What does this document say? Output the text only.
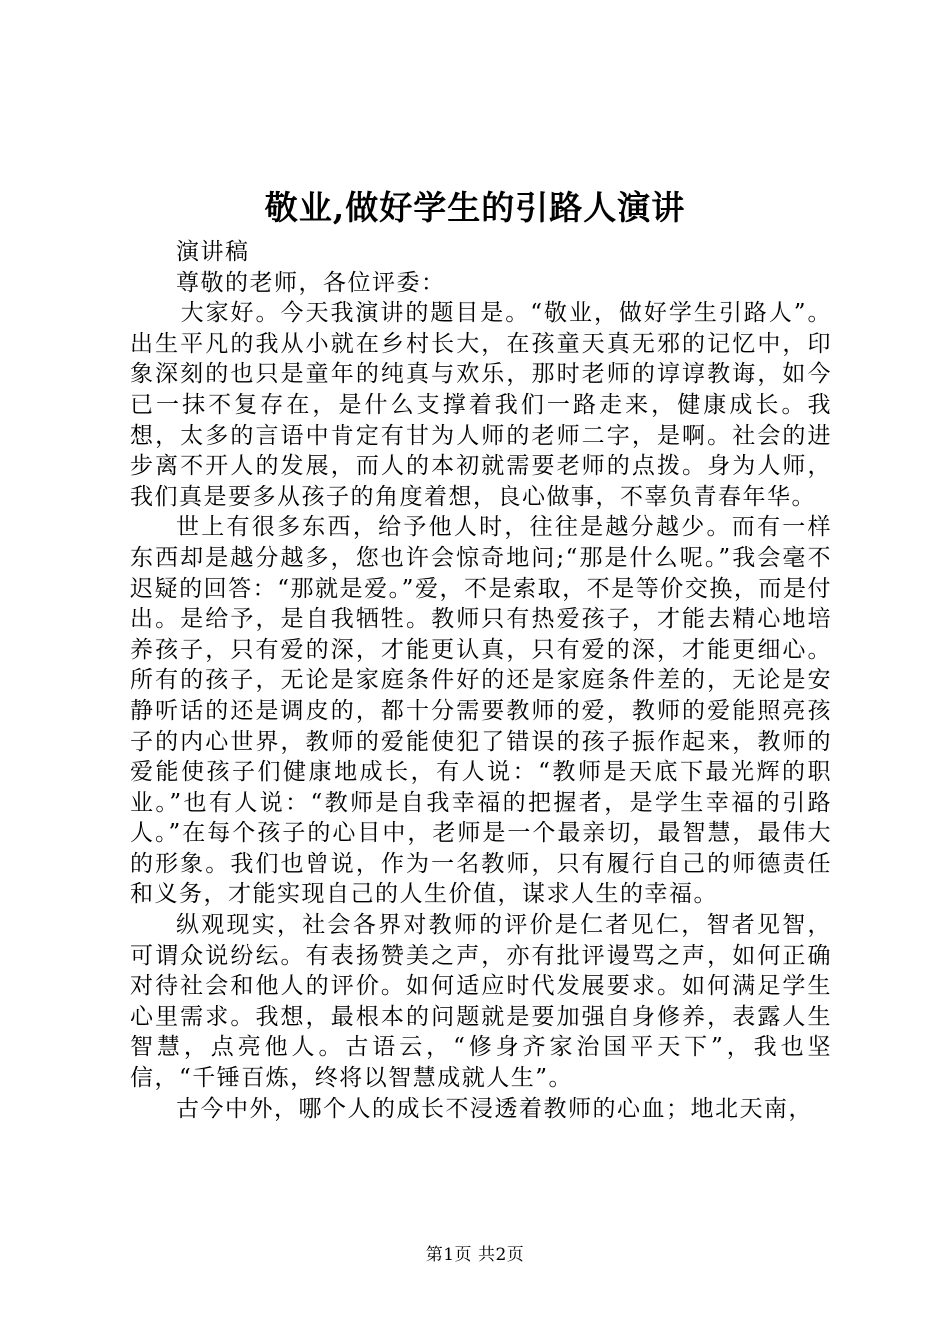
敬业,做好学生的引路人演讲

演讲稿

尊敬的老师，各位评委：

大家好。今天我演讲的题目是。“敬业，做好学生引路人”。出生平凡的我从小就在乡村长大，在孩童天真无邪的记忆中，印象深刻的也只是童年的纯真与欢乐，那时老师的谆谆教诲，如今已一抹不复存在，是什么支撑着我们一路走来，健康成长。我想，太多的言语中肯定有甘为人师的老师二字，是啊。社会的进步离不开人的发展，而人的本初就需要老师的点拨。身为人师，我们真是要多从孩子的角度着想，良心做事，不辜负青春年华。

世上有很多东西，给予他人时，往往是越分越少。而有一样东西却是越分越多，您也许会惊奇地问;“那是什么呢。”我会毫不迟疑的回答：“那就是爱。”爱，不是索取，不是等价交换，而是付出。是给予，是自我牺牲。教师只有热爱孩子，才能去精心地培养孩子，只有爱的深，才能更认真，只有爱的深，才能更细心。所有的孩子，无论是家庭条件好的还是家庭条件差的，无论是安静听话的还是调皮的，都十分需要教师的爱，教师的爱能照亮孩子的内心世界，教师的爱能使犯了错误的孩子振作起来，教师的爱能使孩子们健康地成长，有人说：“教师是天底下最光辉的职业。”也有人说：“教师是自我幸福的把握者，是学生幸福的引路人。”在每个孩子的心目中，老师是一个最亲切，最智慧，最伟大的形象。我们也曾说，作为一名教师，只有履行自己的师德责任和义务，才能实现自己的人生价值，谋求人生的幸福。

纵观现实，社会各界对教师的评价是仁者见仁，智者见智，可谓众说纷纭。有表扬赞美之声，亦有批评谩骂之声，如何正确对待社会和他人的评价。如何适应时代发展要求。如何满足学生心里需求。我想，最根本的问题就是要加强自身修养，表露人生智慧，点亮他人。古语云，“修身齐家治国平天下”，我也坚信，“千锤百炼，终将以智慧成就人生”。

古今中外，哪个人的成长不浸透着教师的心血；地北天南，

第1页 共2页
